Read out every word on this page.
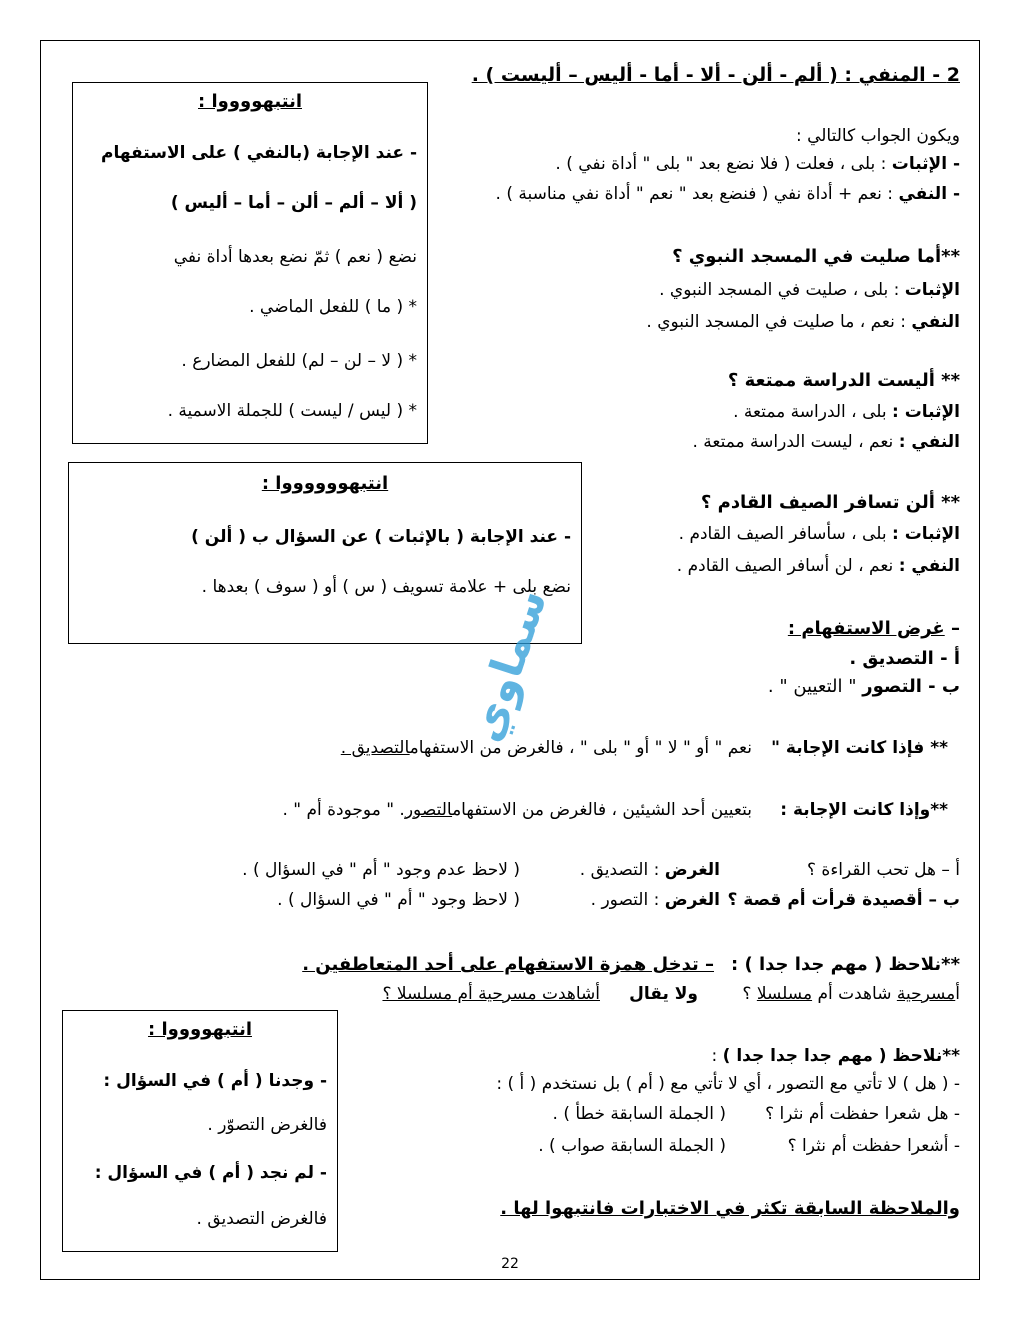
2 - المنفي : ( ألم - ألن - ألا - أما - أليس – أليست ) .
ويكون الجواب كالتالي :
- الإثبات : بلى ، فعلت ( فلا نضع بعد " بلى " أداة نفي ) .
- النفي : نعم + أداة نفي ( فنضع بعد " نعم " أداة نفي مناسبة ) .
**أما صليت في المسجد النبوي ؟
الإثبات : بلى ، صليت في المسجد النبوي .
النفي : نعم ، ما صليت في المسجد النبوي .
** أليست الدراسة ممتعة ؟
الإثبات : بلى ، الدراسة ممتعة .
النفي : نعم ، ليست الدراسة ممتعة .
** ألن تسافر الصيف القادم ؟
الإثبات : بلى ، سأسافر الصيف القادم .
النفي : نعم ، لن أسافر الصيف القادم .
– غرض الاستفهام :
أ - التصديق .
ب - التصور " التعيين " .
** فإذا كانت الإجابة "
نعم " أو " لا " أو " بلى " ، فالغرض من الاستفهامالتصديق .
**وإذا كانت الإجابة :
بتعيين أحد الشيئين ، فالغرض من الاستفهامالتصور. " موجودة أم " .
أ – هل تحب القراءة ؟
الغرض : التصديق .
( لاحظ عدم وجود " أم " في السؤال ) .
ب – أقصيدة قرأت أم قصة ؟
الغرض : التصور .
( لاحظ وجود " أم " في السؤال ) .
**نلاحظ ( مهم جدا جدا ) :
– تدخل همزة الاستفهام على أحد المتعاطفين .
أمسرحية شاهدت أم مسلسلا ؟
ولا يقال
أشاهدت مسرحية أم مسلسلا ؟
**نلاحظ ( مهم جدا جدا جدا ) :
- ( هل ) لا تأتي مع التصور ، أي لا تأتي مع ( أم ) بل نستخدم ( أ ) :
- هل شعرا حفظت أم نثرا ؟
( الجملة السابقة خطأ ) .
- أشعرا حفظت أم نثرا ؟
( الجملة السابقة صواب ) .
والملاحظة السابقة تكثر في الاختبارات فانتبهوا لها .
انتبهووووا :
- عند الإجابة (بالنفي ) على الاستفهام
( ألا – ألم – ألن – أما – أليس )
نضع ( نعم ) ثمّ نضع بعدها أداة نفي
* ( ما ) للفعل الماضي .
* ( لا – لن – لم) للفعل المضارع .
* ( ليس / ليست ) للجملة الاسمية .
انتبهووووووا :
- عند الإجابة ( بالإثبات ) عن السؤال ب ( ألن )
نضع بلى + علامة تسويف ( س ) أو ( سوف ) بعدها .
انتبهووووا :
- وجدنا ( أم ) في السؤال :
فالغرض التصوّر .
- لم نجد ( أم ) في السؤال :
فالغرض التصديق .
سماوي
22
